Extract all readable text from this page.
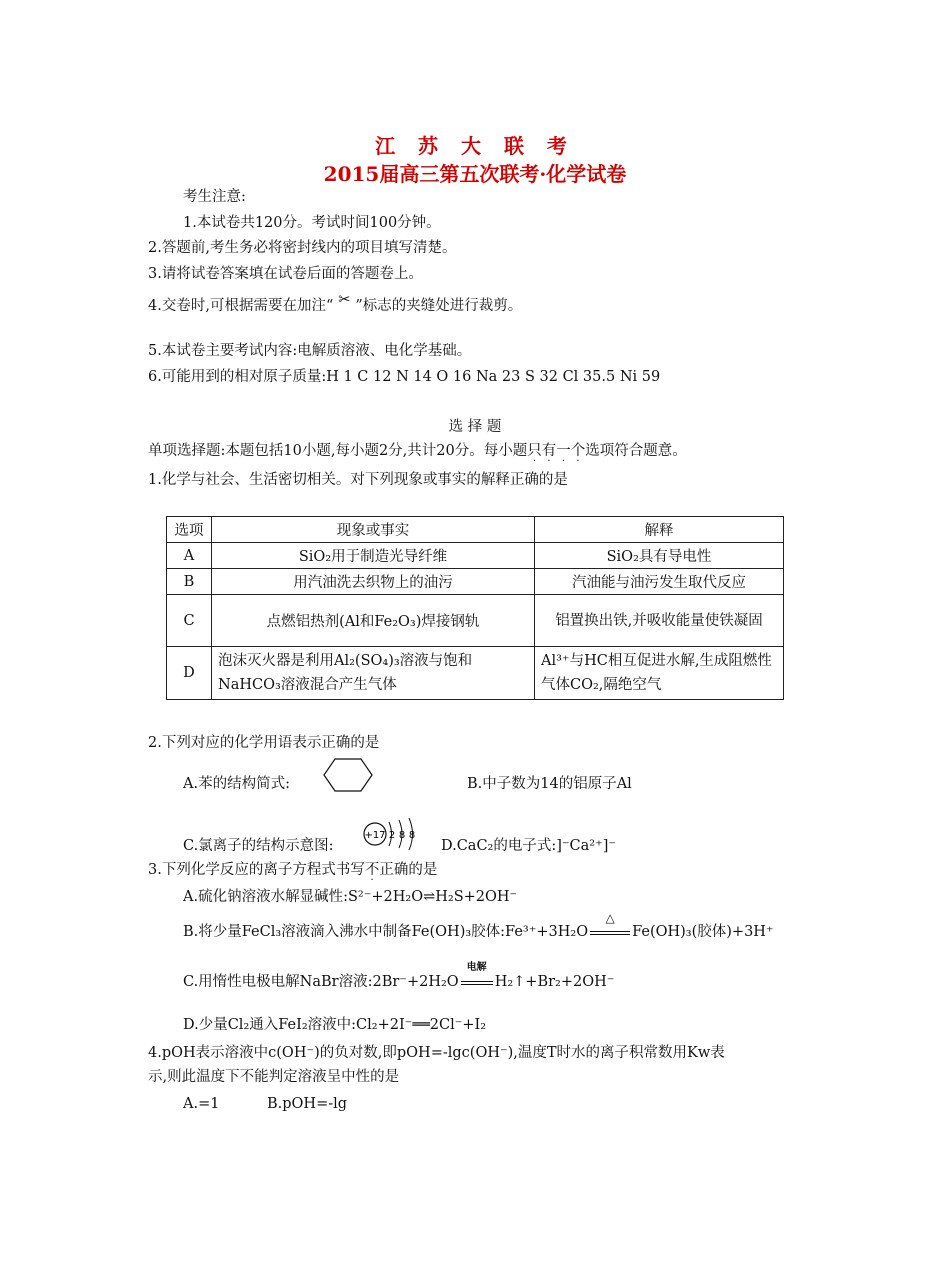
江 苏 大 联 考
2015届高三第五次联考·化学试卷
考生注意:
1.本试卷共120分。考试时间100分钟。
2.答题前,考生务必将密封线内的项目填写清楚。
3.请将试卷答案填在试卷后面的答题卷上。
4.交卷时,可根据需要在加注“ ✂ ”标志的夹缝处进行裁剪。
5.本试卷主要考试内容:电解质溶液、电化学基础。
6.可能用到的相对原子质量:H 1 C 12 N 14 O 16 Na 23 S 32 Cl 35.5 Ni 59
选 择 题
单项选择题:本题包括10小题,每小题2分,共计20分。每小题只
·
有
·
一
·
个
·
选项符合题意。
1.化学与社会、生活密切相关。对下列现象或事实的解释正确的是
选项	现象或事实	解释
A	SiO₂用于制造光导纤维	SiO₂具有导电性
B	用汽油洗去织物上的油污	汽油能与油污发生取代反应
C	点燃铝热剂(Al和Fe₂O₃)焊接钢轨	铝置换出铁,并吸收能量使铁凝固
D	泡沫灭火器是利用Al₂(SO₄)₃溶液与饱和NaHCO₃溶液混合产生气体	Al³⁺与HC相互促进水解,生成阻燃性气体CO₂,隔绝空气
2.下列对应的化学用语表示正确的是
A.苯的结构简式:	B.中子数为14的铝原子Al
C.氯离子的结构示意图:
+17 2 8 8
D.CaC₂的电子式:]⁻Ca²⁺]⁻
3.下列化学反应的离子方程式书写不
·
正确的是
A.硫化钠溶液水解显碱性:S²⁻+2H₂O⇌H₂S+2OH⁻
B.将少量FeCl₃溶液滴入沸水中制备Fe(OH)₃胶体:Fe³⁺+3H₂O
△
Fe(OH)₃(胶体)+3H⁺
C.用惰性电极电解NaBr溶液:2Br⁻+2H₂O
电解
H₂↑+Br₂+2OH⁻
D.少量Cl₂通入FeI₂溶液中:Cl₂+2I⁻══2Cl⁻+I₂
4.pOH表示溶液中c(OH⁻)的负对数,即pOH=-lgc(OH⁻),温度T时水的离子积常数用Kw表
示,则此温度下不能判定溶液呈中性的是
A.=1	B.pOH=-lg
